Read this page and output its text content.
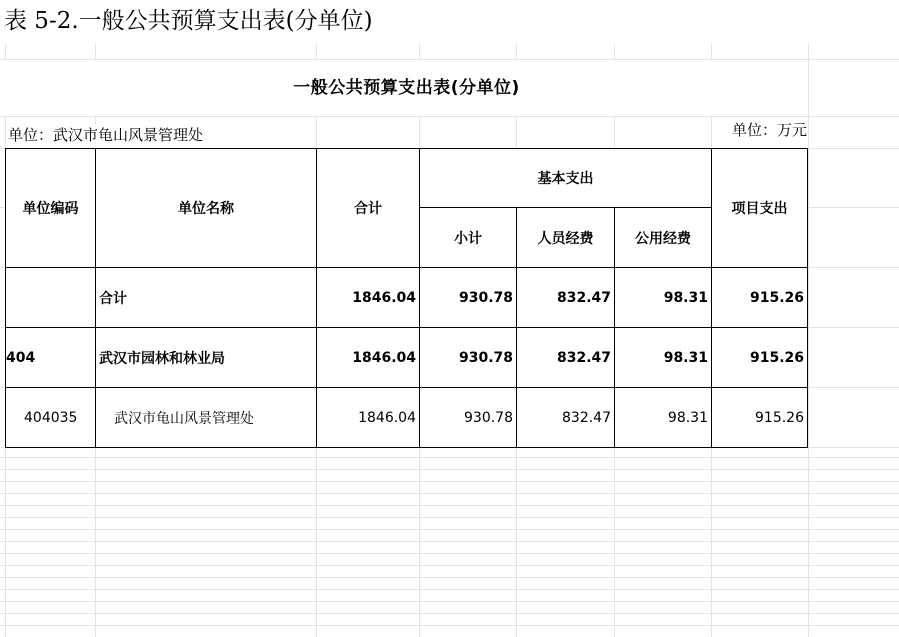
表 5-2.一般公共预算支出表(分单位)
一般公共预算支出表(分单位)
单位：武汉市龟山风景管理处	单位：万元
单位编码	单位名称	合计	基本支出			项目支出
			小计	人员经费	公用经费	
	合计	1846.04	930.78	832.47	98.31	915.26
404	武汉市园林和林业局	1846.04	930.78	832.47	98.31	915.26
404035	武汉市龟山风景管理处	1846.04	930.78	832.47	98.31	915.26
